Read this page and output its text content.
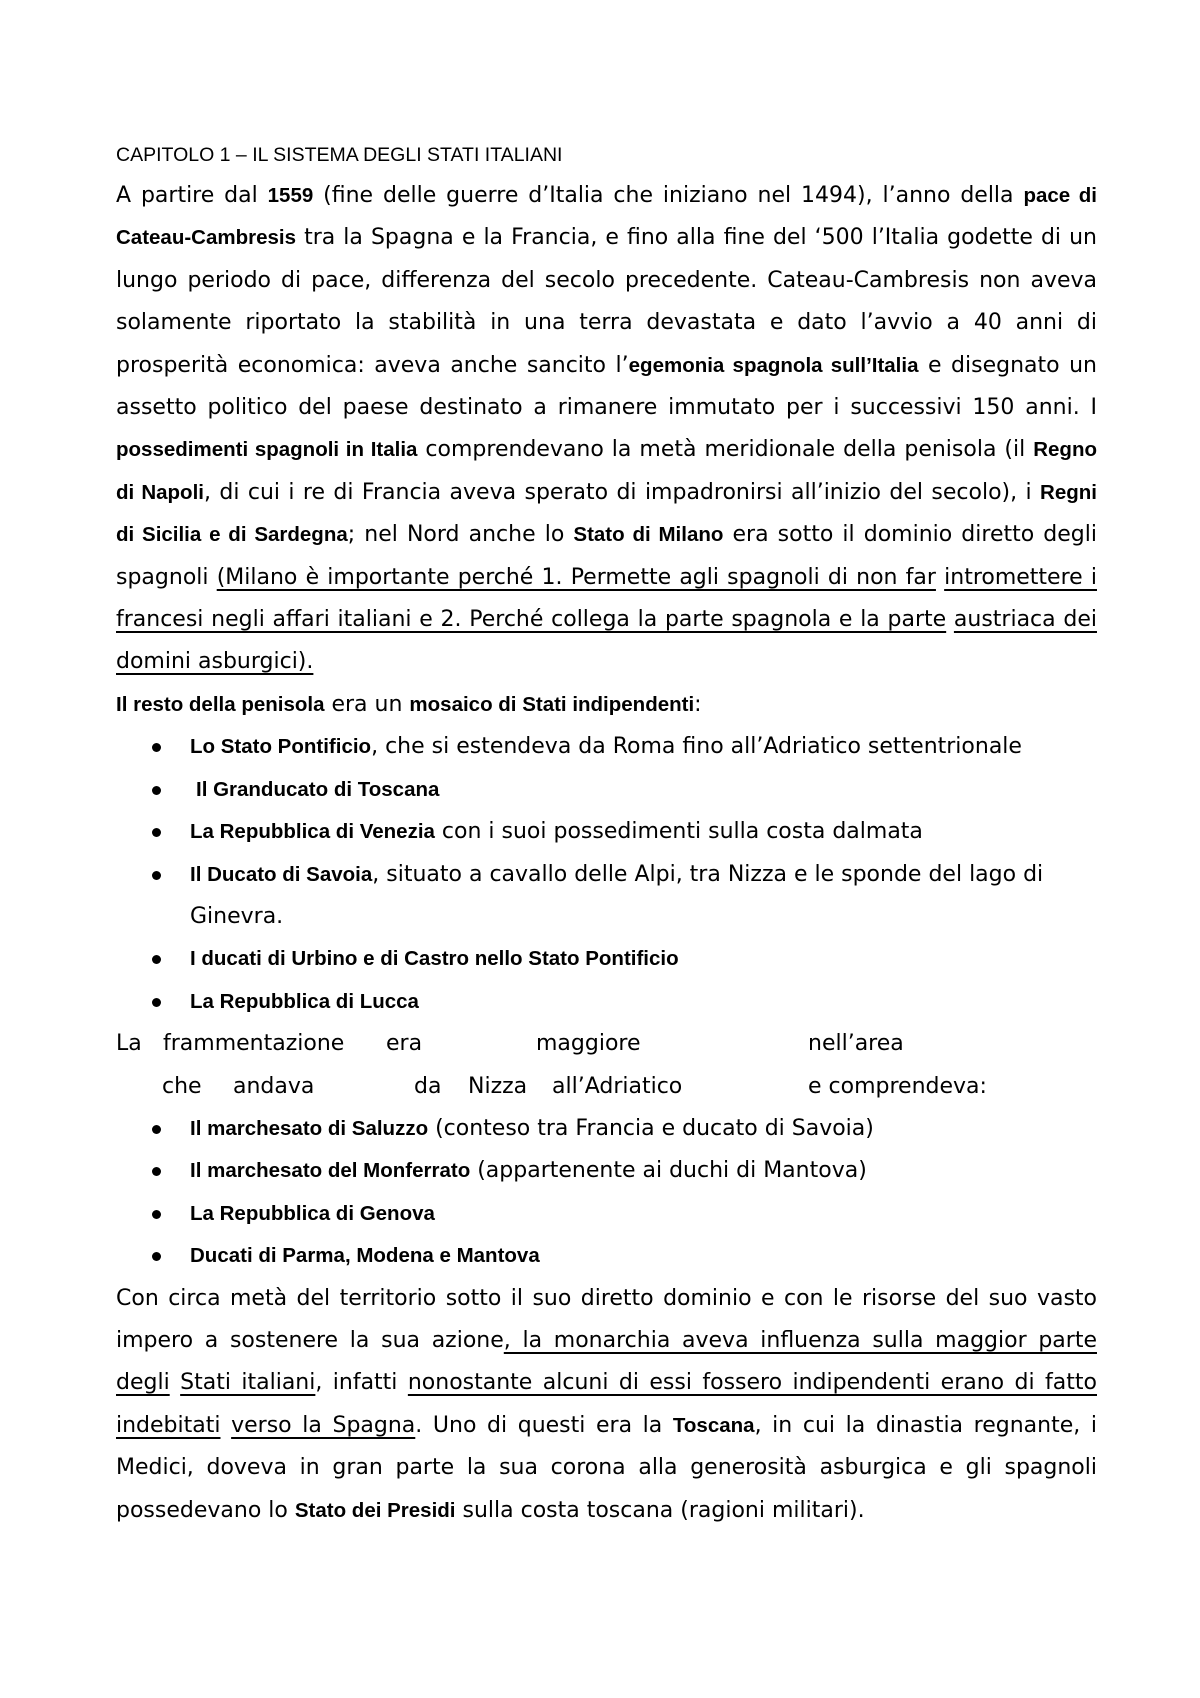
CAPITOLO 1 – IL SISTEMA DEGLI STATI ITALIANI

A partire dal 1559 (fine delle guerre d’Italia che iniziano nel 1494), l’anno della pace di Cateau-Cambresis tra la Spagna e la Francia, e fino alla fine del ‘500 l’Italia godette di un lungo periodo di pace, differenza del secolo precedente. Cateau-Cambresis non aveva solamente riportato la stabilità in una terra devastata e dato l’avvio a 40 anni di prosperità economica: aveva anche sancito l’egemonia spagnola sull’Italia e disegnato un assetto politico del paese destinato a rimanere immutato per i successivi 150 anni. I possedimenti spagnoli in Italia comprendevano la metà meridionale della penisola (il Regno di Napoli, di cui i re di Francia aveva sperato di impadronirsi all’inizio del secolo), i Regni di Sicilia e di Sardegna; nel Nord anche lo Stato di Milano era sotto il dominio diretto degli spagnoli (Milano è importante perché 1. Permette agli spagnoli di non far intromettere i francesi negli affari italiani e 2. Perché collega la parte spagnola e la parte austriaca dei domini asburgici).

Il resto della penisola era un mosaico di Stati indipendenti:

Lo Stato Pontificio, che si estendeva da Roma fino all’Adriatico settentrionale
Il Granducato di Toscana
La Repubblica di Venezia con i suoi possedimenti sulla costa dalmata
Il Ducato di Savoia, situato a cavallo delle Alpi, tra Nizza e le sponde del lago di Ginevra.
I ducati di Urbino e di Castro nello Stato Pontificio
La Repubblica di Lucca
La frammentazione era	maggiore	nell’area
che andava	da Nizza all’Adriatico	e comprendeva:
Il marchesato di Saluzzo (conteso tra Francia e ducato di Savoia)
Il marchesato del Monferrato (appartenente ai duchi di Mantova)
La Repubblica di Genova
Ducati di Parma, Modena e Mantova

Con circa metà del territorio sotto il suo diretto dominio e con le risorse del suo vasto impero a sostenere la sua azione, la monarchia aveva influenza sulla maggior parte degli Stati italiani, infatti nonostante alcuni di essi fossero indipendenti erano di fatto indebitati verso la Spagna. Uno di questi era la Toscana, in cui la dinastia regnante, i Medici, doveva in gran parte la sua corona alla generosità asburgica e gli spagnoli possedevano lo Stato dei Presidi sulla costa toscana (ragioni militari).
